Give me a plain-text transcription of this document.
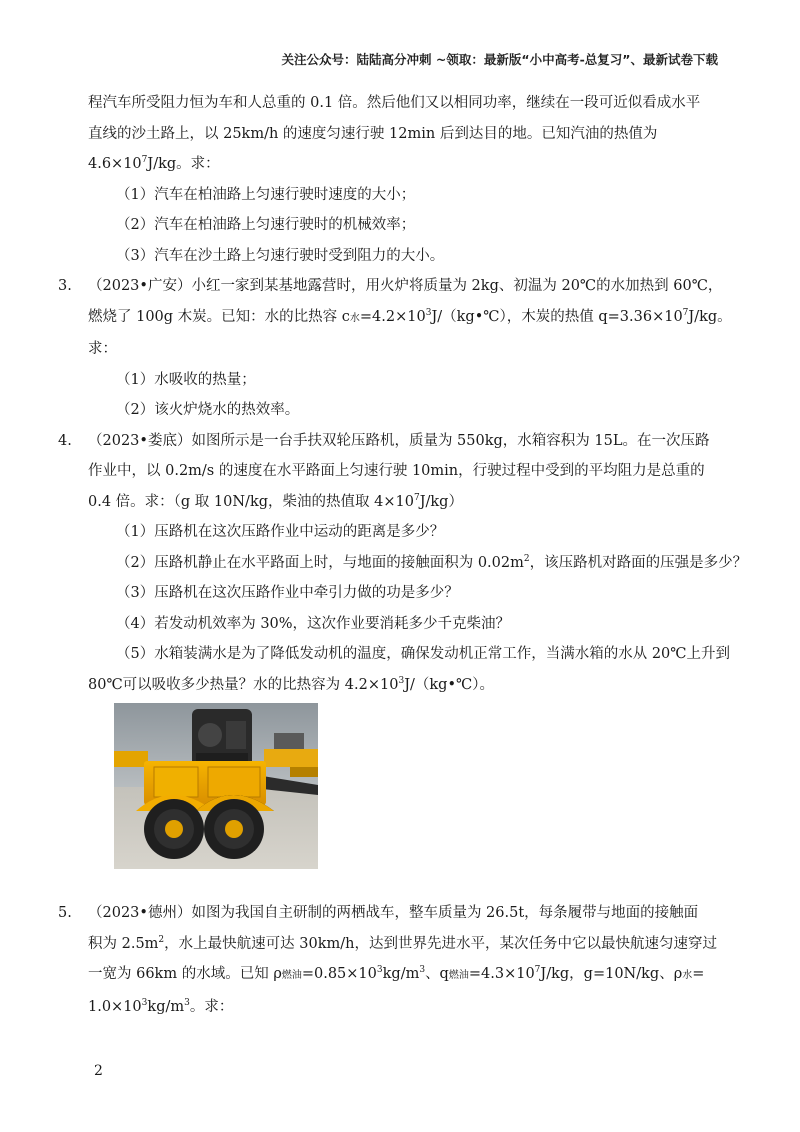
关注公众号：陆陆高分冲刺 ~领取：最新版“小中高考-总复习”、最新试卷下载
程汽车所受阻力恒为车和人总重的 0.1 倍。然后他们又以相同功率，继续在一段可近似看成水平
直线的沙土路上，以 25km/h 的速度匀速行驶 12min 后到达目的地。已知汽油的热值为
$4.6\times 10^7J/kg$。求：
（1）汽车在柏油路上匀速行驶时速度的大小；
（2）汽车在柏油路上匀速行驶时的机械效率；
（3）汽车在沙土路上匀速行驶时受到阻力的大小。
3. （2023•广安）小红一家到某基地露营时，用火炉将质量为 2kg、初温为 20℃的水加热到 60℃，
燃烧了 100g 木炭。已知：水的比热容 c水$=4.2\times 10^3J/(kg•℃)$，木炭的热值 $q=3.36\times 10^7J/kg$。
求：
（1）水吸收的热量；
（2）该火炉烧水的热效率。
4. （2023•娄底）如图所示是一台手扶双轮压路机，质量为 550kg，水箱容积为 15L。在一次压路
作业中，以 0.2m/s 的速度在水平路面上匀速行驶 10min，行驶过程中受到的平均阻力是总重的
0.4 倍。求：（g 取 10N/kg，柴油的热值取 $4\times 10^7J/kg$）
（1）压路机在这次压路作业中运动的距离是多少？
（2）压路机静止在水平路面上时，与地面的接触面积为 $0.02m^2$，该压路机对路面的压强是多少？
（3）压路机在这次压路作业中牵引力做的功是多少？
（4）若发动机效率为 30%，这次作业要消耗多少千克柴油？
（5）水箱装满水是为了降低发动机的温度，确保发动机正常工作，当满水箱的水从 20℃上升到
80℃可以吸收多少热量？水的比热容为 $4.2\times 10^3J/(kg•℃)$。
5. （2023•德州）如图为我国自主研制的两栖战车，整车质量为 26.5t，每条履带与地面的接触面
积为 $2.5m^2$，水上最快航速可达 30km/h，达到世界先进水平，某次任务中它以最快航速匀速穿过
一宽为 66km 的水域。已知 ρ燃油$=0.85\times 10^3kg/m^3$、q燃油$=4.3\times 10^7J/kg$，g=10N/kg、ρ水=
$1.0\times 10^3kg/m^3$。求：
2
